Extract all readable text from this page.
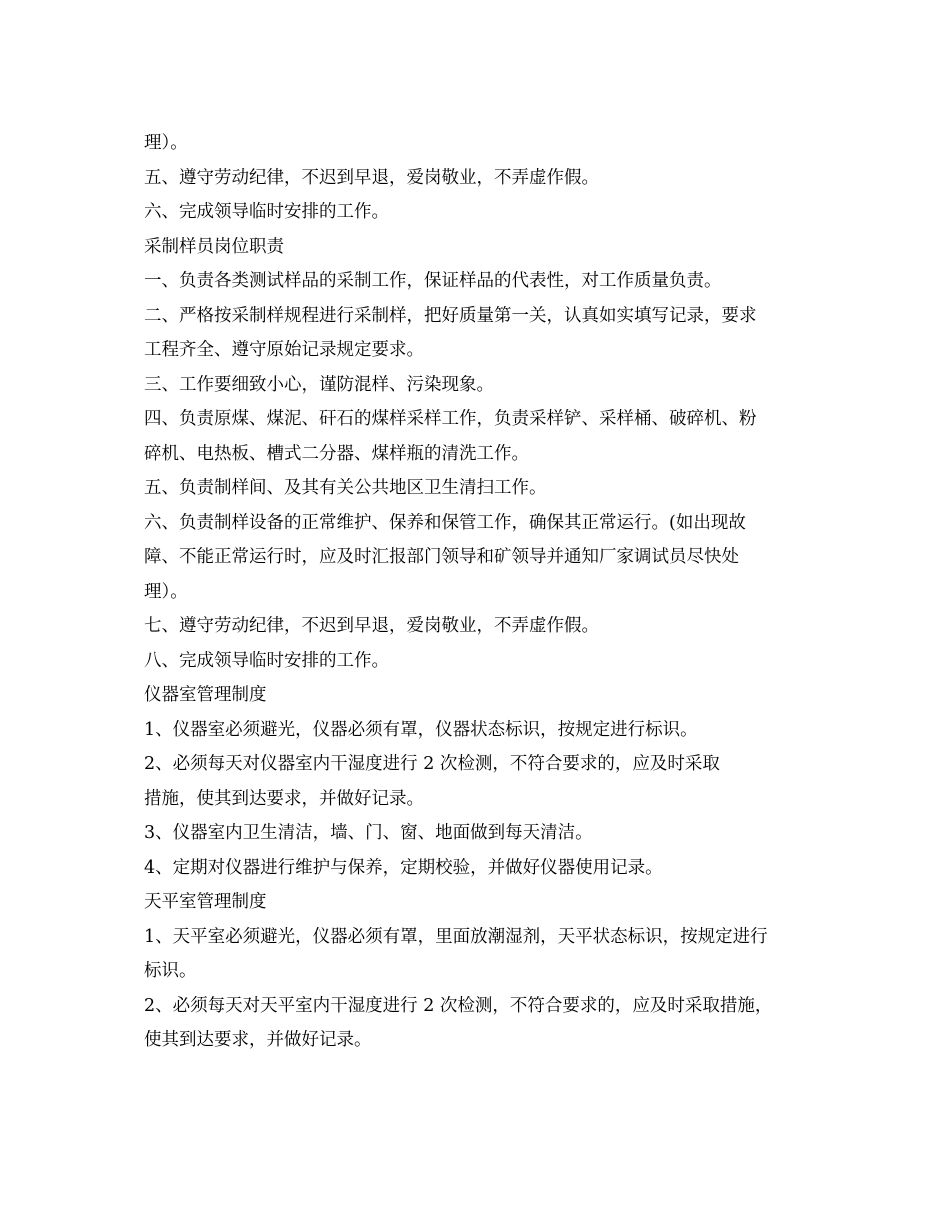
理）。
五、遵守劳动纪律，不迟到早退，爱岗敬业，不弄虚作假。
六、完成领导临时安排的工作。
采制样员岗位职责
一、负责各类测试样品的采制工作，保证样品的代表性，对工作质量负责。
二、严格按采制样规程进行采制样，把好质量第一关，认真如实填写记录，要求
工程齐全、遵守原始记录规定要求。
三、工作要细致小心，谨防混样、污染现象。
四、负责原煤、煤泥、矸石的煤样采样工作，负责采样铲、采样桶、破碎机、粉
碎机、电热板、槽式二分器、煤样瓶的清洗工作。
五、负责制样间、及其有关公共地区卫生清扫工作。
六、负责制样设备的正常维护、保养和保管工作，确保其正常运行。(如出现故
障、不能正常运行时，应及时汇报部门领导和矿领导并通知厂家调试员尽快处
理）。
七、遵守劳动纪律，不迟到早退，爱岗敬业，不弄虚作假。
八、完成领导临时安排的工作。
仪器室管理制度
1、仪器室必须避光，仪器必须有罩，仪器状态标识，按规定进行标识。
2、必须每天对仪器室内干湿度进行 2 次检测，不符合要求的，应及时采取
措施，使其到达要求，并做好记录。
3、仪器室内卫生清洁，墙、门、窗、地面做到每天清洁。
4、定期对仪器进行维护与保养，定期校验，并做好仪器使用记录。
天平室管理制度
1、天平室必须避光，仪器必须有罩，里面放潮湿剂，天平状态标识，按规定进行
标识。
2、必须每天对天平室内干湿度进行 2 次检测，不符合要求的，应及时采取措施，
使其到达要求，并做好记录。
